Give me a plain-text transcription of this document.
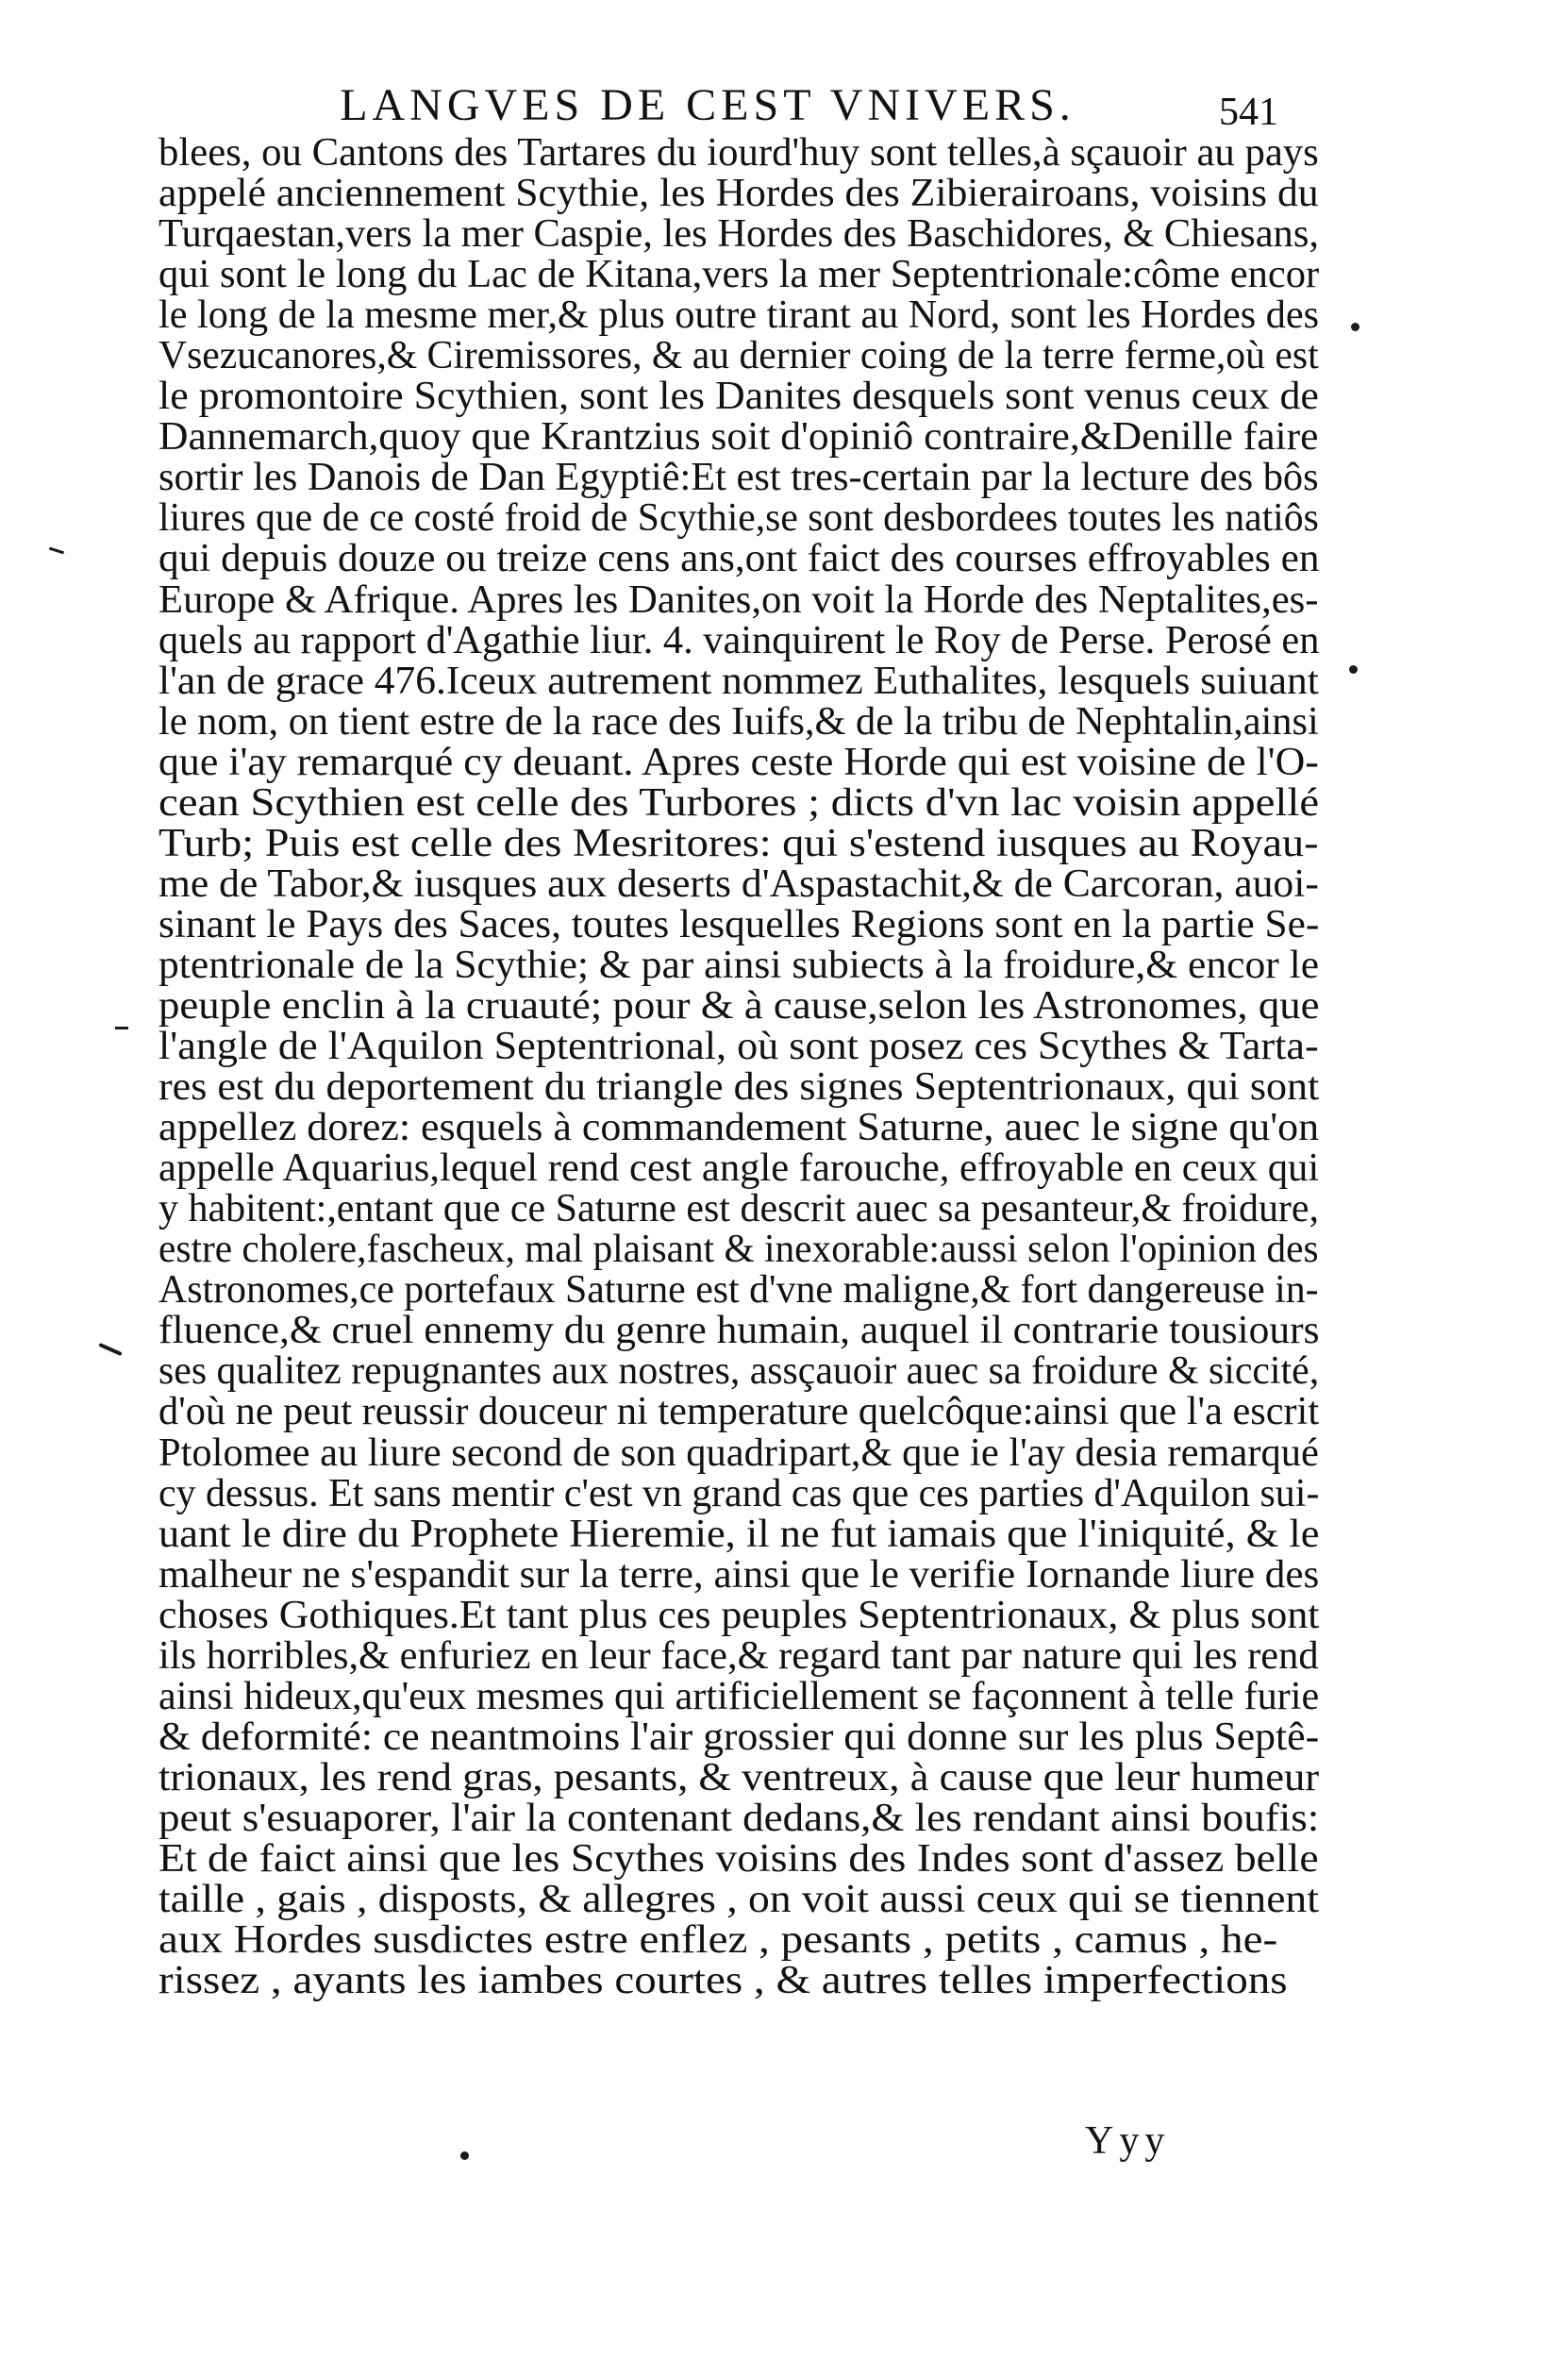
LANGVES DE CEST VNIVERS.	541
blees, ou Cantons des Tartares du iourd'huy sont telles,à sçauoir au pays
appelé anciennement Scythie, les Hordes des Zibierairoans, voisins du
Turqaestan,vers la mer Caspie, les Hordes des Baschidores, & Chiesans,
qui sont le long du Lac de Kitana,vers la mer Septentrionale:côme encor
le long de la mesme mer,& plus outre tirant au Nord, sont les Hordes des
Vsezucanores,& Ciremissores, & au dernier coing de la terre ferme,où est
le promontoire Scythien, sont les Danites desquels sont venus ceux de
Dannemarch,quoy que Krantzius soit d'opiniô contraire,&Denille faire
sortir les Danois de Dan Egyptiê:Et est tres-certain par la lecture des bôs
liures que de ce costé froid de Scythie,se sont desbordees toutes les natiôs
qui depuis douze ou treize cens ans,ont faict des courses effroyables en
Europe & Afrique. Apres les Danites,on voit la Horde des Neptalites,es-
quels au rapport d'Agathie liur. 4. vainquirent le Roy de Perse. Perosé en
l'an de grace 476.Iceux autrement nommez Euthalites, lesquels suiuant
le nom, on tient estre de la race des Iuifs,& de la tribu de Nephtalin,ainsi
que i'ay remarqué cy deuant. Apres ceste Horde qui est voisine de l'O-
cean Scythien est celle des Turbores ; dicts d'vn lac voisin appellé
Turb; Puis est celle des Mesritores: qui s'estend iusques au Royau-
me de Tabor,& iusques aux deserts d'Aspastachit,& de Carcoran, auoi-
sinant le Pays des Saces, toutes lesquelles Regions sont en la partie Se-
ptentrionale de la Scythie; & par ainsi subiects à la froidure,& encor le
peuple enclin à la cruauté; pour & à cause,selon les Astronomes, que
l'angle de l'Aquilon Septentrional, où sont posez ces Scythes & Tarta-
res est du deportement du triangle des signes Septentrionaux, qui sont
appellez dorez: esquels à commandement Saturne, auec le signe qu'on
appelle Aquarius,lequel rend cest angle farouche, effroyable en ceux qui
y habitent:,entant que ce Saturne est descrit auec sa pesanteur,& froidure,
estre cholere,fascheux, mal plaisant & inexorable:aussi selon l'opinion des
Astronomes,ce portefaux Saturne est d'vne maligne,& fort dangereuse in-
fluence,& cruel ennemy du genre humain, auquel il contrarie tousiours
ses qualitez repugnantes aux nostres, assçauoir auec sa froidure & siccité,
d'où ne peut reussir douceur ni temperature quelcôque:ainsi que l'a escrit
Ptolomee au liure second de son quadripart,& que ie l'ay desia remarqué
cy dessus. Et sans mentir c'est vn grand cas que ces parties d'Aquilon sui-
uant le dire du Prophete Hieremie, il ne fut iamais que l'iniquité, & le
malheur ne s'espandit sur la terre, ainsi que le verifie Iornande liure des
choses Gothiques.Et tant plus ces peuples Septentrionaux, & plus sont
ils horribles,& enfuriez en leur face,& regard tant par nature qui les rend
ainsi hideux,qu'eux mesmes qui artificiellement se façonnent à telle furie
& deformité: ce neantmoins l'air grossier qui donne sur les plus Septê-
trionaux, les rend gras, pesants, & ventreux, à cause que leur humeur
peut s'esuaporer, l'air la contenant dedans,& les rendant ainsi boufis:
Et de faict ainsi que les Scythes voisins des Indes sont d'assez belle
taille , gais , disposts, & allegres , on voit aussi ceux qui se tiennent
aux Hordes susdictes estre enflez , pesants , petits , camus , he-
rissez , ayants les iambes courtes , & autres telles imperfections
Yyy
